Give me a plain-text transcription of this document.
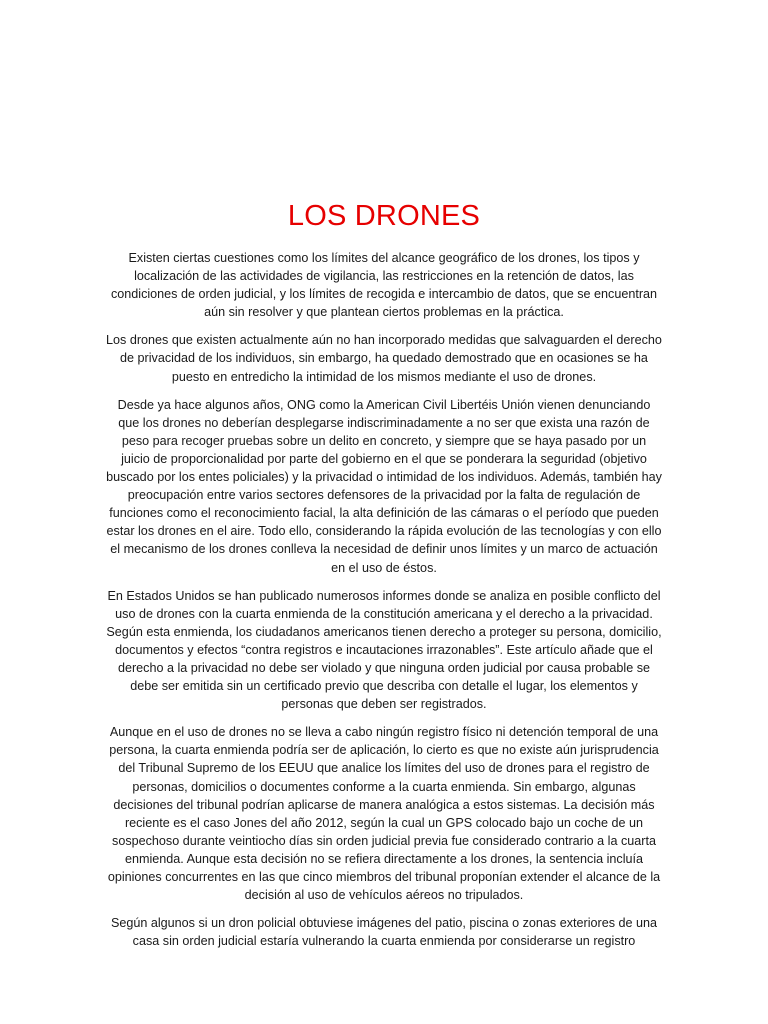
LOS DRONES

Existen ciertas cuestiones como los límites del alcance geográfico de los drones, los tipos y localización de las actividades de vigilancia, las restricciones en la retención de datos, las condiciones de orden judicial, y los límites de recogida e intercambio de datos, que se encuentran aún sin resolver y que plantean ciertos problemas en la práctica.

Los drones que existen actualmente aún no han incorporado medidas que salvaguarden el derecho de privacidad de los individuos, sin embargo, ha quedado demostrado que en ocasiones se ha puesto en entredicho la intimidad de los mismos mediante el uso de drones.

Desde ya hace algunos años, ONG como la American Civil Libertéis Unión vienen denunciando que los drones no deberían desplegarse indiscriminadamente a no ser que exista una razón de peso para recoger pruebas sobre un delito en concreto, y siempre que se haya pasado por un juicio de proporcionalidad por parte del gobierno en el que se ponderara la seguridad (objetivo buscado por los entes policiales) y la privacidad o intimidad de los individuos. Además, también hay preocupación entre varios sectores defensores de la privacidad por la falta de regulación de funciones como el reconocimiento facial, la alta definición de las cámaras o el período que pueden estar los drones en el aire. Todo ello, considerando la rápida evolución de las tecnologías y con ello el mecanismo de los drones conlleva la necesidad de definir unos límites y un marco de actuación en el uso de éstos.

En Estados Unidos se han publicado numerosos informes donde se analiza en posible conflicto del uso de drones con la cuarta enmienda de la constitución americana y el derecho a la privacidad. Según esta enmienda, los ciudadanos americanos tienen derecho a proteger su persona, domicilio, documentos y efectos “contra registros e incautaciones irrazonables”. Este artículo añade que el derecho a la privacidad no debe ser violado y que ninguna orden judicial por causa probable se debe ser emitida sin un certificado previo que describa con detalle el lugar, los elementos y personas que deben ser registrados.

Aunque en el uso de drones no se lleva a cabo ningún registro físico ni detención temporal de una persona, la cuarta enmienda podría ser de aplicación, lo cierto es que no existe aún jurisprudencia del Tribunal Supremo de los EEUU que analice los límites del uso de drones para el registro de personas, domicilios o documentes conforme a la cuarta enmienda. Sin embargo, algunas decisiones del tribunal podrían aplicarse de manera analógica a estos sistemas. La decisión más reciente es el caso Jones del año 2012, según la cual un GPS colocado bajo un coche de un sospechoso durante veintiocho días sin orden judicial previa fue considerado contrario a la cuarta enmienda. Aunque esta decisión no se refiera directamente a los drones, la sentencia incluía opiniones concurrentes en las que cinco miembros del tribunal proponían extender el alcance de la decisión al uso de vehículos aéreos no tripulados.

Según algunos si un dron policial obtuviese imágenes del patio, piscina o zonas exteriores de una casa sin orden judicial estaría vulnerando la cuarta enmienda por considerarse un registro
